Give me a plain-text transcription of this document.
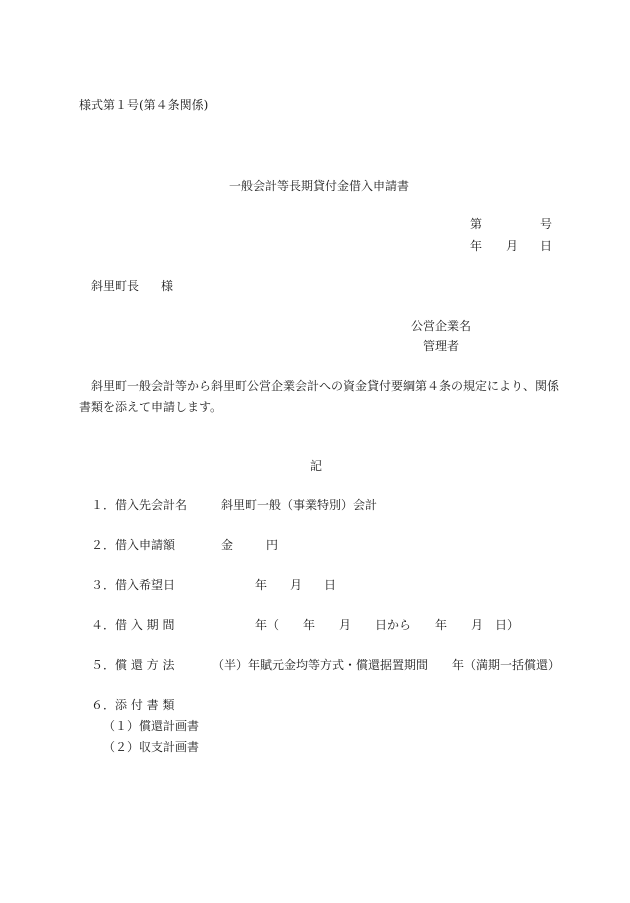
様式第１号(第４条関係)
一般会計等長期貸付金借入申請書
第	号
年 月 日
斜里町長 様
公営企業名
管理者
斜里町一般会計等から斜里町公営企業会計への資金貸付要綱第４条の規定により、関係
書類を添えて申請します。
記
１．借入先会計名	斜里町一般（事業特別）会計
２．借入申請額	金	円
３．借入希望日	年 月 日
４．借 入 期 間	年（　　年　　月　　日から　　年　　月　日）
５．償 還 方 法	（半）年賦元金均等方式・償還据置期間　　年（満期一括償還）
６．添 付 書 類
（１）償還計画書
（２）収支計画書
